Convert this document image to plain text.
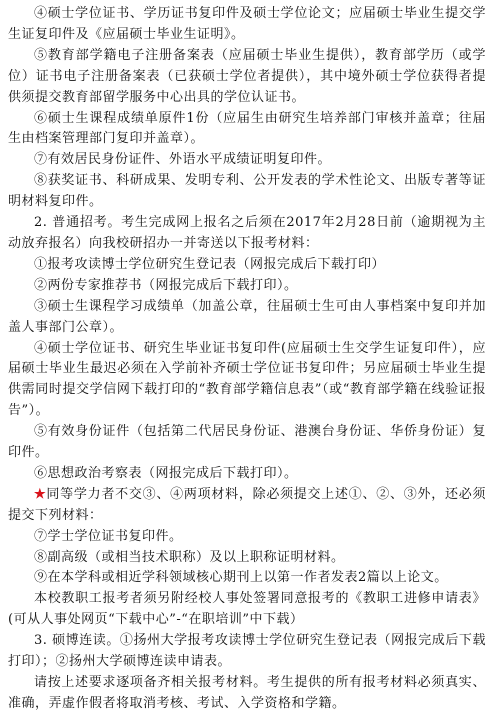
④硕士学位证书、学历证书复印件及硕士学位论文；应届硕士毕业生提交学生证复印件及《应届硕士毕业生证明》。

⑤教育部学籍电子注册备案表（应届硕士毕业生提供），教育部学历（或学位）证书电子注册备案表（已获硕士学位者提供），其中境外硕士学位获得者提供须提交教育部留学服务中心出具的学位认证书。

⑥硕士生课程成绩单原件1份（应届生由研究生培养部门审核并盖章；往届生由档案管理部门复印并盖章）。

⑦有效居民身份证件、外语水平成绩证明复印件。

⑧获奖证书、科研成果、发明专利、公开发表的学术性论文、出版专著等证明材料复印件。

2. 普通招考。考生完成网上报名之后须在2017年2月28日前（逾期视为主动放弃报名）向我校研招办一并寄送以下报考材料：

①报考攻读博士学位研究生登记表（网报完成后下载打印）

②两份专家推荐书（网报完成后下载打印）。

③硕士生课程学习成绩单（加盖公章，往届硕士生可由人事档案中复印并加盖人事部门公章）。

④硕士学位证书、研究生毕业证书复印件(应届硕士生交学生证复印件），应届硕士毕业生最迟必须在入学前补齐硕士学位证书复印件；另应届硕士毕业生提供需同时提交学信网下载打印的“教育部学籍信息表”（或“教育部学籍在线验证报告”）。

⑤有效身份证件（包括第二代居民身份证、港澳台身份证、华侨身份证）复印件。

⑥思想政治考察表（网报完成后下载打印）。

★同等学力者不交③、④两项材料，除必须提交上述①、②、③外，还必须提交下列材料：

⑦学士学位证书复印件。

⑧副高级（或相当技术职称）及以上职称证明材料。

⑨在本学科或相近学科领域核心期刊上以第一作者发表2篇以上论文。

本校教职工报考者须另附经校人事处签署同意报考的《教职工进修申请表》(可从人事处网页“下载中心”-“在职培训”中下载）

3. 硕博连读。①扬州大学报考攻读博士学位研究生登记表（网报完成后下载打印）；②扬州大学硕博连读申请表。

请按上述要求逐项备齐相关报考材料。考生提供的所有报考材料必须真实、准确，弄虚作假者将取消考核、考试、入学资格和学籍。
